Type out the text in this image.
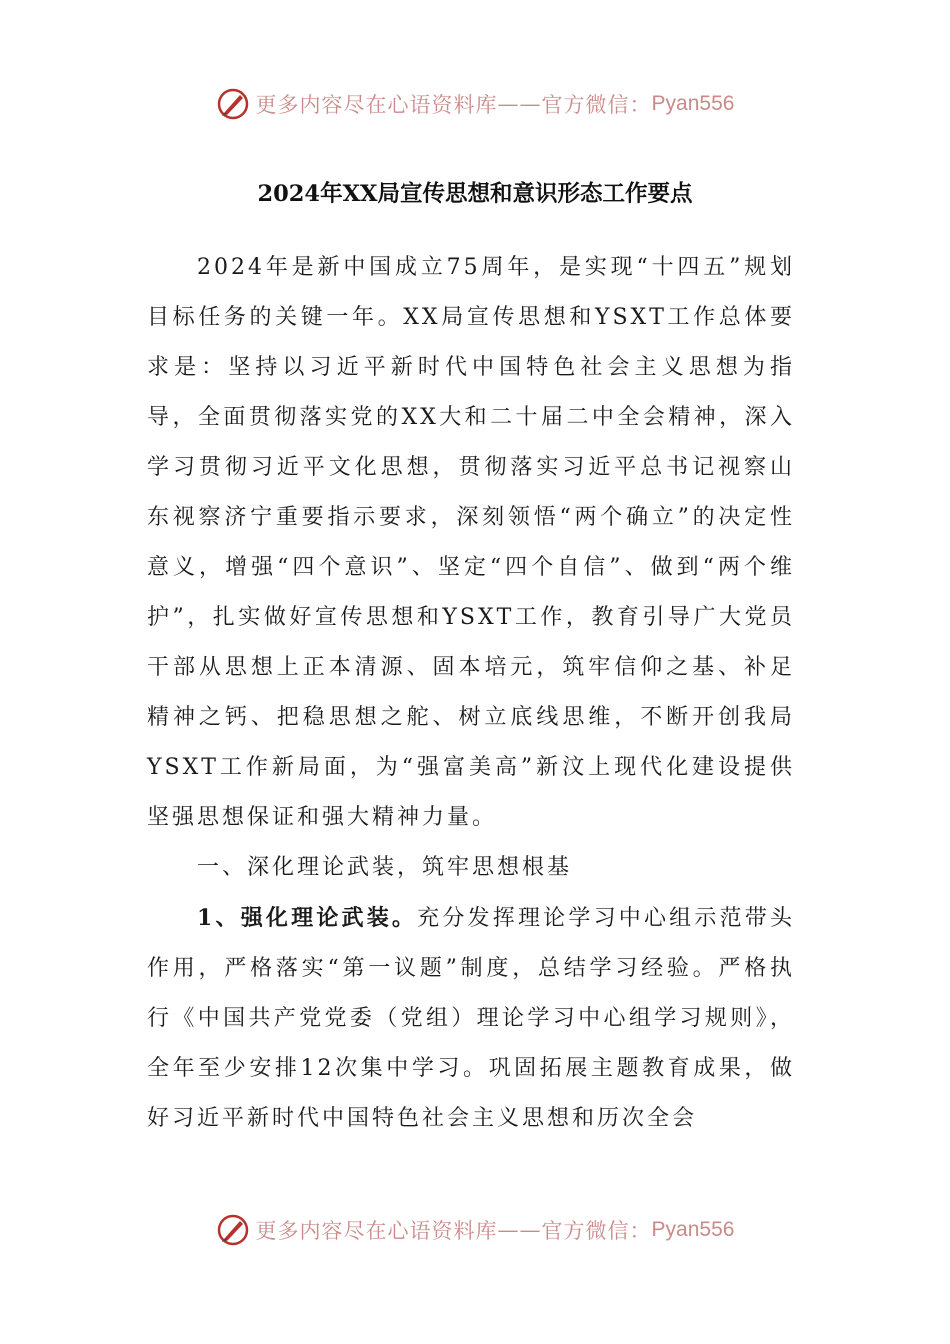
更多内容尽在心语资料库 —— 官方微信： Pyan556
2024年XX局宣传思想和意识形态工作要点

2024年是新中国成立75周年，是实现“十四五”规划目标任务的关键一年。XX局宣传思想和YSXT工作总体要求是：坚持以习近平新时代中国特色社会主义思想为指导，全面贯彻落实党的XX大和二十届二中全会精神，深入学习贯彻习近平文化思想，贯彻落实习近平总书记视察山东视察济宁重要指示要求，深刻领悟“两个确立”的决定性意义，增强“四个意识”、坚定“四个自信”、做到“两个维护”，扎实做好宣传思想和YSXT工作，教育引导广大党员干部从思想上正本清源、固本培元，筑牢信仰之基、补足精神之钙、把稳思想之舵、树立底线思维，不断开创我局YSXT工作新局面，为“强富美高”新汶上现代化建设提供坚强思想保证和强大精神力量。

一、深化理论武装，筑牢思想根基

1、强化理论武装。充分发挥理论学习中心组示范带头作用，严格落实“第一议题”制度，总结学习经验。严格执行《中国共产党党委（党组）理论学习中心组学习规则》，全年至少安排12次集中学习。巩固拓展主题教育成果，做好习近平新时代中国特色社会主义思想和历次全会

更多内容尽在心语资料库 —— 官方微信： Pyan556
